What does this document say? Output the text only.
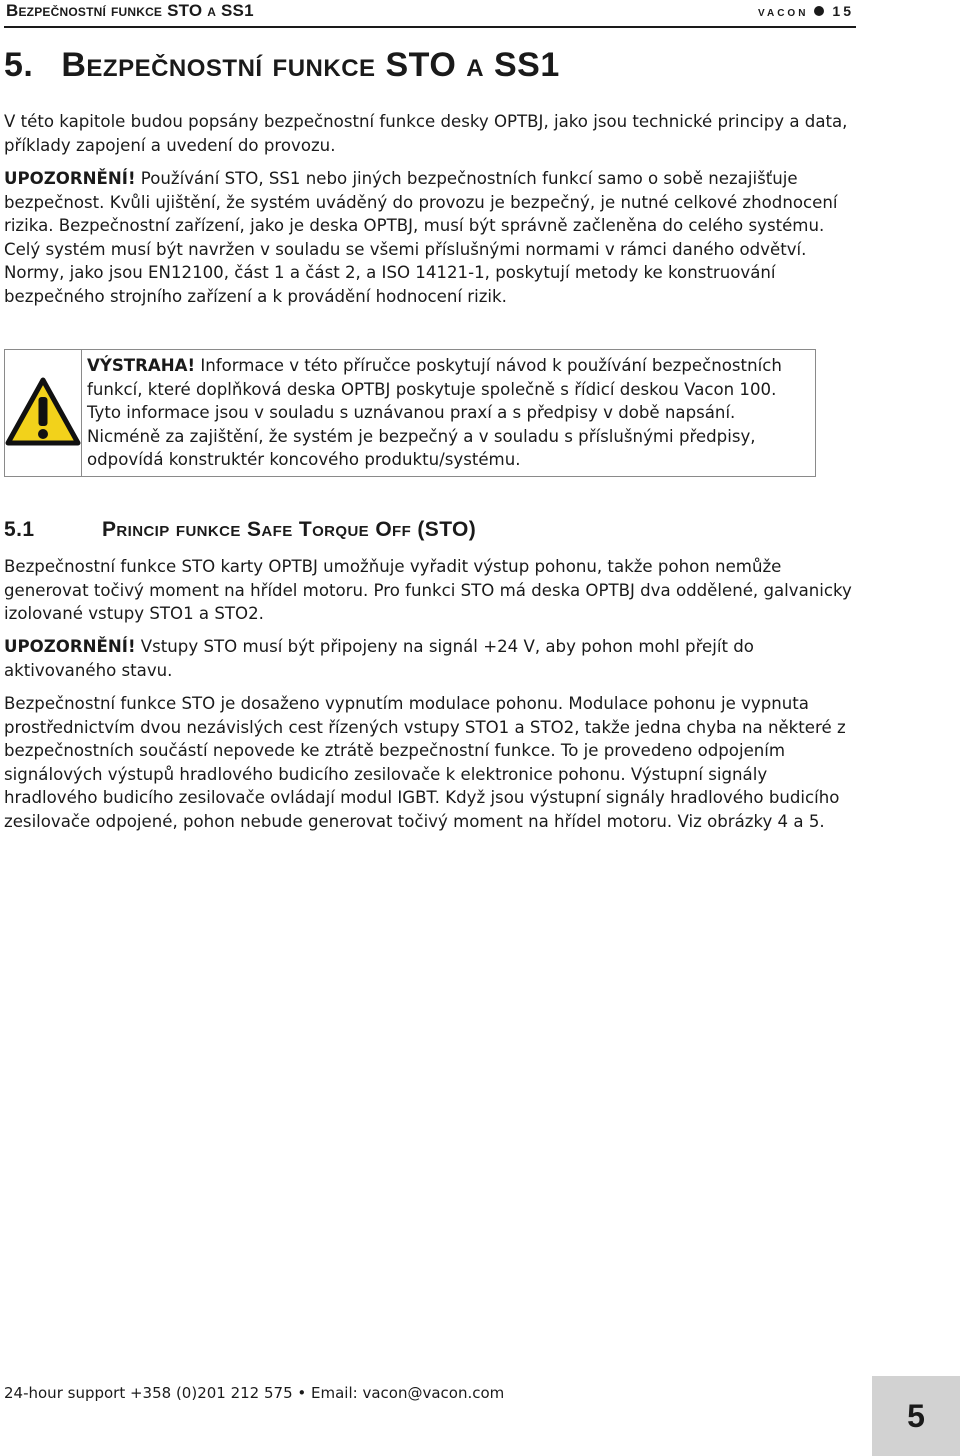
Bezpečnostní funkce STO a SS1	vacon 15
5. Bezpečnostní funkce STO a SS1

V této kapitole budou popsány bezpečnostní funkce desky OPTBJ, jako jsou technické principy a data, příklady zapojení a uvedení do provozu.

UPOZORNĚNÍ! Používání STO, SS1 nebo jiných bezpečnostních funkcí samo o sobě nezajišťuje bezpečnost. Kvůli ujištění, že systém uváděný do provozu je bezpečný, je nutné celkové zhodnocení rizika. Bezpečnostní zařízení, jako je deska OPTBJ, musí být správně začleněna do celého systému. Celý systém musí být navržen v souladu se všemi příslušnými normami v rámci daného odvětví. Normy, jako jsou EN12100, část 1 a část 2, a ISO 14121-1, poskytují metody ke konstruování bezpečného strojního zařízení a k provádění hodnocení rizik.

VÝSTRAHA! Informace v této příručce poskytují návod k používání bezpečnostních funkcí, které doplňková deska OPTBJ poskytuje společně s řídicí deskou Vacon 100. Tyto informace jsou v souladu s uznávanou praxí a s předpisy v době napsání. Nicméně za zajištění, že systém je bezpečný a v souladu s příslušnými předpisy, odpovídá konstruktér koncového produktu/systému.
5.1	Princip funkce Safe Torque Off (STO)

Bezpečnostní funkce STO karty OPTBJ umožňuje vyřadit výstup pohonu, takže pohon nemůže generovat točivý moment na hřídel motoru. Pro funkci STO má deska OPTBJ dva oddělené, galvanicky izolované vstupy STO1 a STO2.

UPOZORNĚNÍ! Vstupy STO musí být připojeny na signál +24 V, aby pohon mohl přejít do aktivovaného stavu.

Bezpečnostní funkce STO je dosaženo vypnutím modulace pohonu. Modulace pohonu je vypnuta prostřednictvím dvou nezávislých cest řízených vstupy STO1 a STO2, takže jedna chyba na některé z bezpečnostních součástí nepovede ke ztrátě bezpečnostní funkce. To je provedeno odpojením signálových výstupů hradlového budicího zesilovače k elektronice pohonu. Výstupní signály hradlového budicího zesilovače ovládají modul IGBT. Když jsou výstupní signály hradlového budicího zesilovače odpojené, pohon nebude generovat točivý moment na hřídel motoru. Viz obrázky 4 a 5.

24-hour support +358 (0)201 212 575 • Email: vacon@vacon.com
5
